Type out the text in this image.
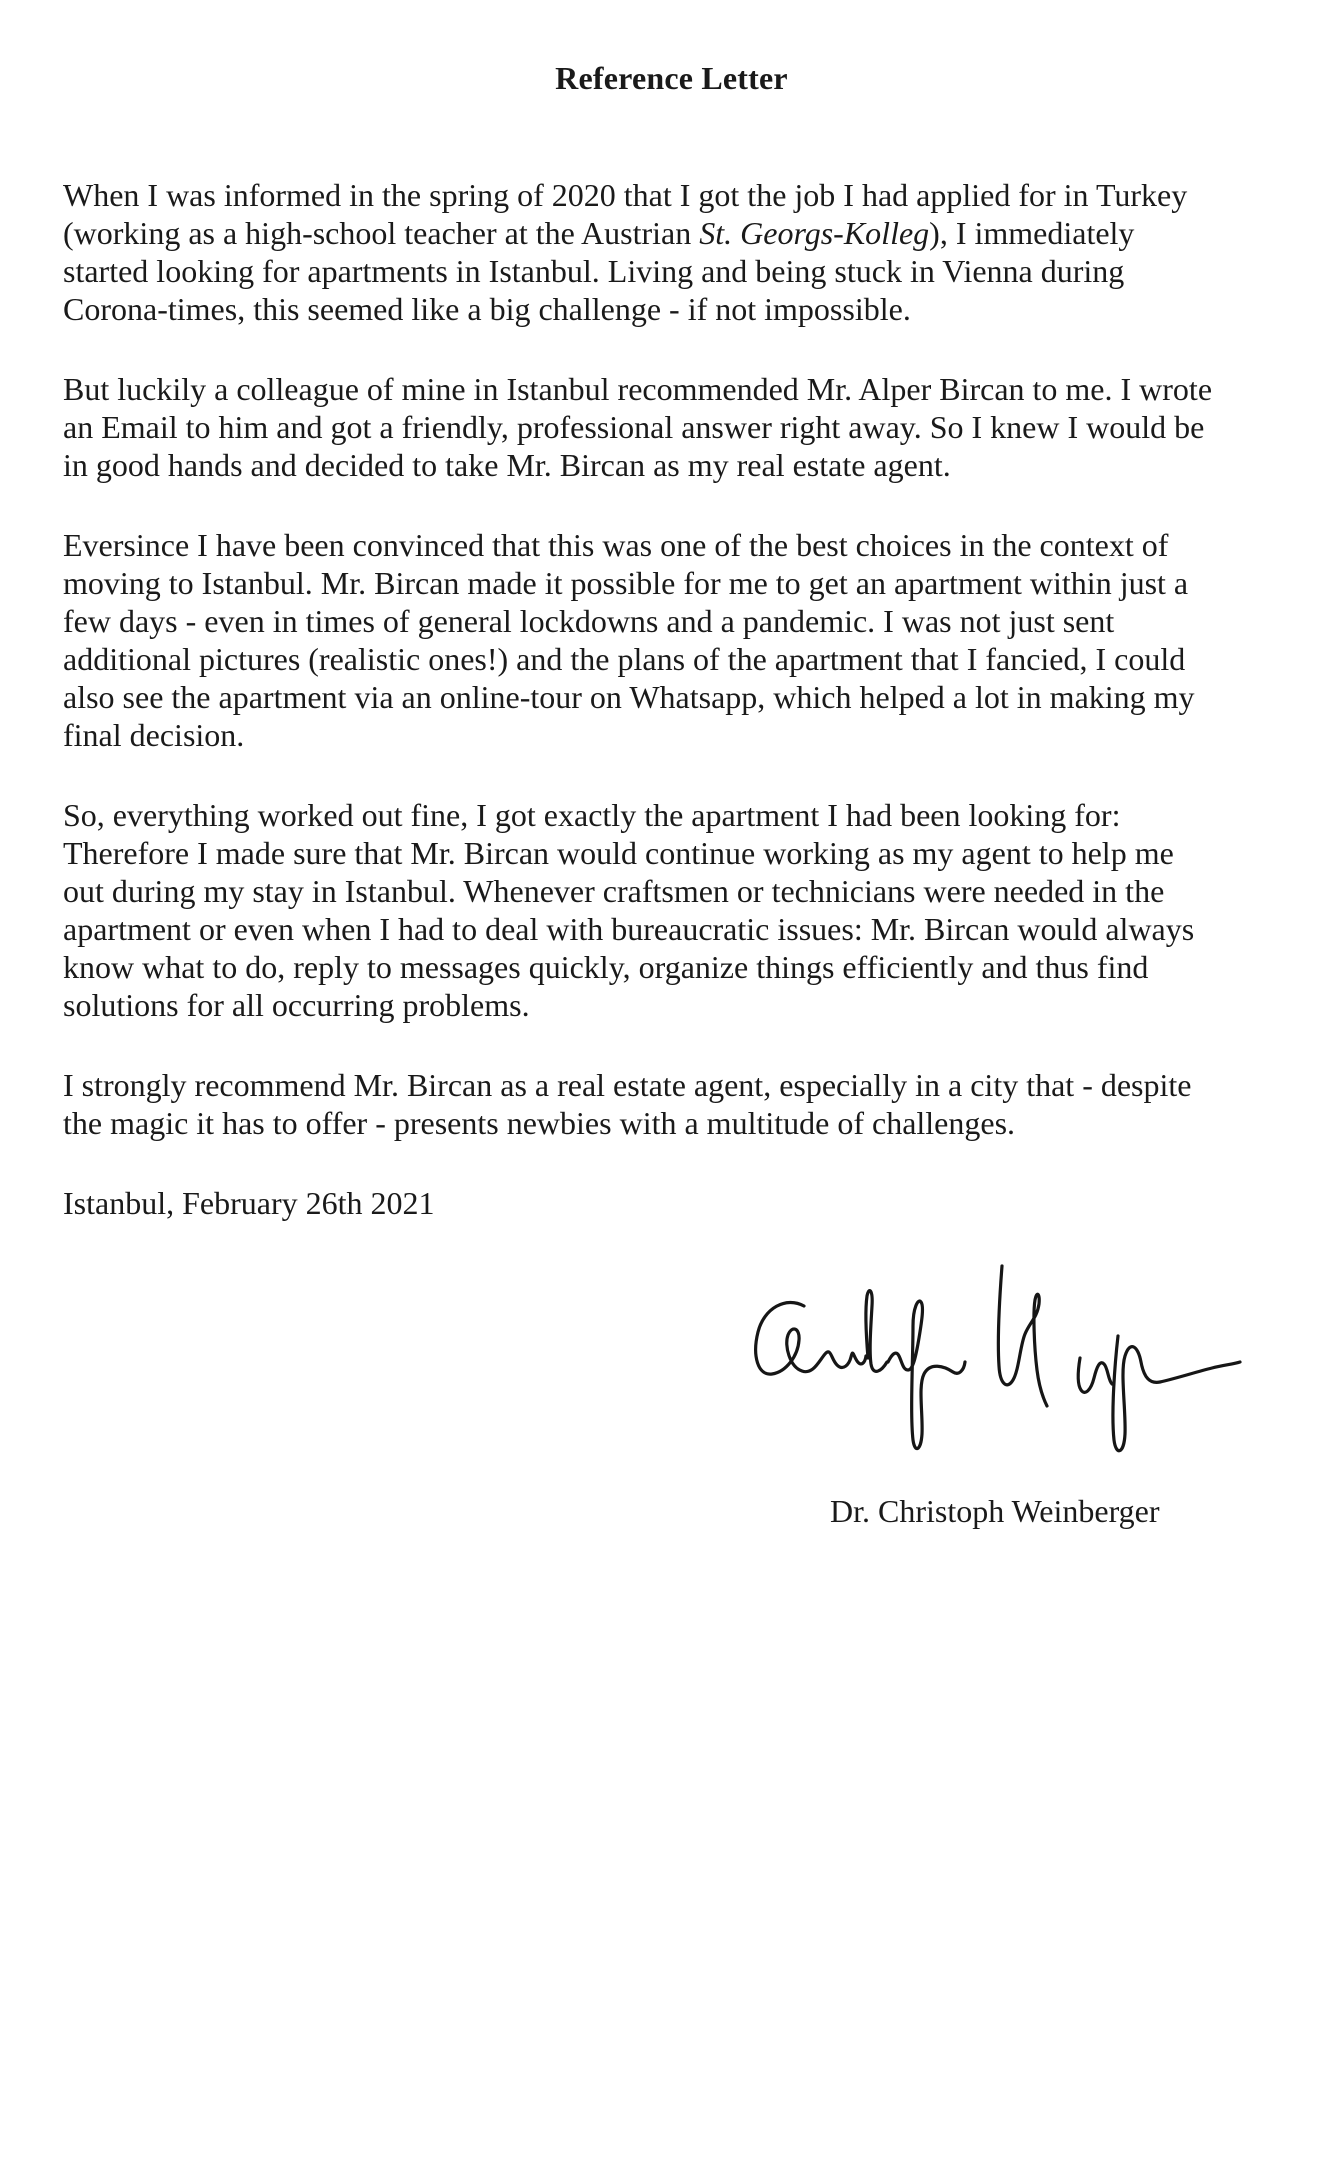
Reference Letter
When I was informed in the spring of 2020 that I got the job I had applied for in Turkey
(working as a high-school teacher at the Austrian St. Georgs-Kolleg), I immediately
started looking for apartments in Istanbul. Living and being stuck in Vienna during
Corona-times, this seemed like a big challenge - if not impossible.
But luckily a colleague of mine in Istanbul recommended Mr. Alper Bircan to me. I wrote
an Email to him and got a friendly, professional answer right away. So I knew I would be
in good hands and decided to take Mr. Bircan as my real estate agent.
Eversince I have been convinced that this was one of the best choices in the context of
moving to Istanbul. Mr. Bircan made it possible for me to get an apartment within just a
few days - even in times of general lockdowns and a pandemic. I was not just sent
additional pictures (realistic ones!) and the plans of the apartment that I fancied, I could
also see the apartment via an online-tour on Whatsapp, which helped a lot in making my
final decision.
So, everything worked out fine, I got exactly the apartment I had been looking for:
Therefore I made sure that Mr. Bircan would continue working as my agent to help me
out during my stay in Istanbul. Whenever craftsmen or technicians were needed in the
apartment or even when I had to deal with bureaucratic issues: Mr. Bircan would always
know what to do, reply to messages quickly, organize things efficiently and thus find
solutions for all occurring problems.
I strongly recommend Mr. Bircan as a real estate agent, especially in a city that - despite
the magic it has to offer - presents newbies with a multitude of challenges.
Istanbul, February 26th 2021
Dr. Christoph Weinberger
